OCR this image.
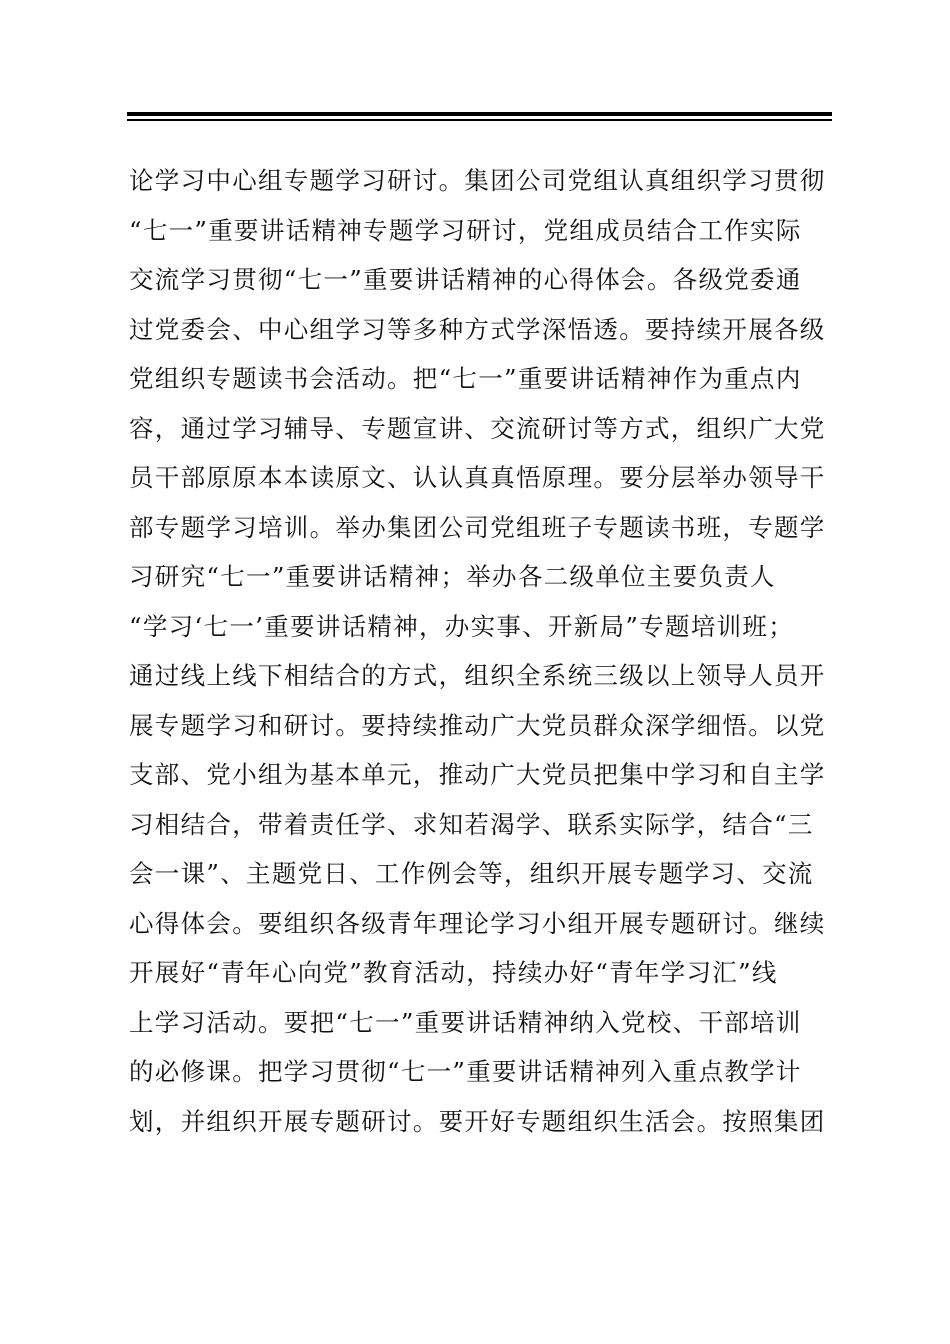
论学习中心组专题学习研讨。集团公司党组认真组织学习贯彻
“七一”重要讲话精神专题学习研讨，党组成员结合工作实际
交流学习贯彻“七一”重要讲话精神的心得体会。各级党委通
过党委会、中心组学习等多种方式学深悟透。要持续开展各级
党组织专题读书会活动。把“七一”重要讲话精神作为重点内
容，通过学习辅导、专题宣讲、交流研讨等方式，组织广大党
员干部原原本本读原文、认认真真悟原理。要分层举办领导干
部专题学习培训。举办集团公司党组班子专题读书班，专题学
习研究“七一”重要讲话精神；举办各二级单位主要负责人
“学习‘七一’重要讲话精神，办实事、开新局”专题培训班；
通过线上线下相结合的方式，组织全系统三级以上领导人员开
展专题学习和研讨。要持续推动广大党员群众深学细悟。以党
支部、党小组为基本单元，推动广大党员把集中学习和自主学
习相结合，带着责任学、求知若渴学、联系实际学，结合“三
会一课”、主题党日、工作例会等，组织开展专题学习、交流
心得体会。要组织各级青年理论学习小组开展专题研讨。继续
开展好“青年心向党”教育活动，持续办好“青年学习汇”线
上学习活动。要把“七一”重要讲话精神纳入党校、干部培训
的必修课。把学习贯彻“七一”重要讲话精神列入重点教学计
划，并组织开展专题研讨。要开好专题组织生活会。按照集团
